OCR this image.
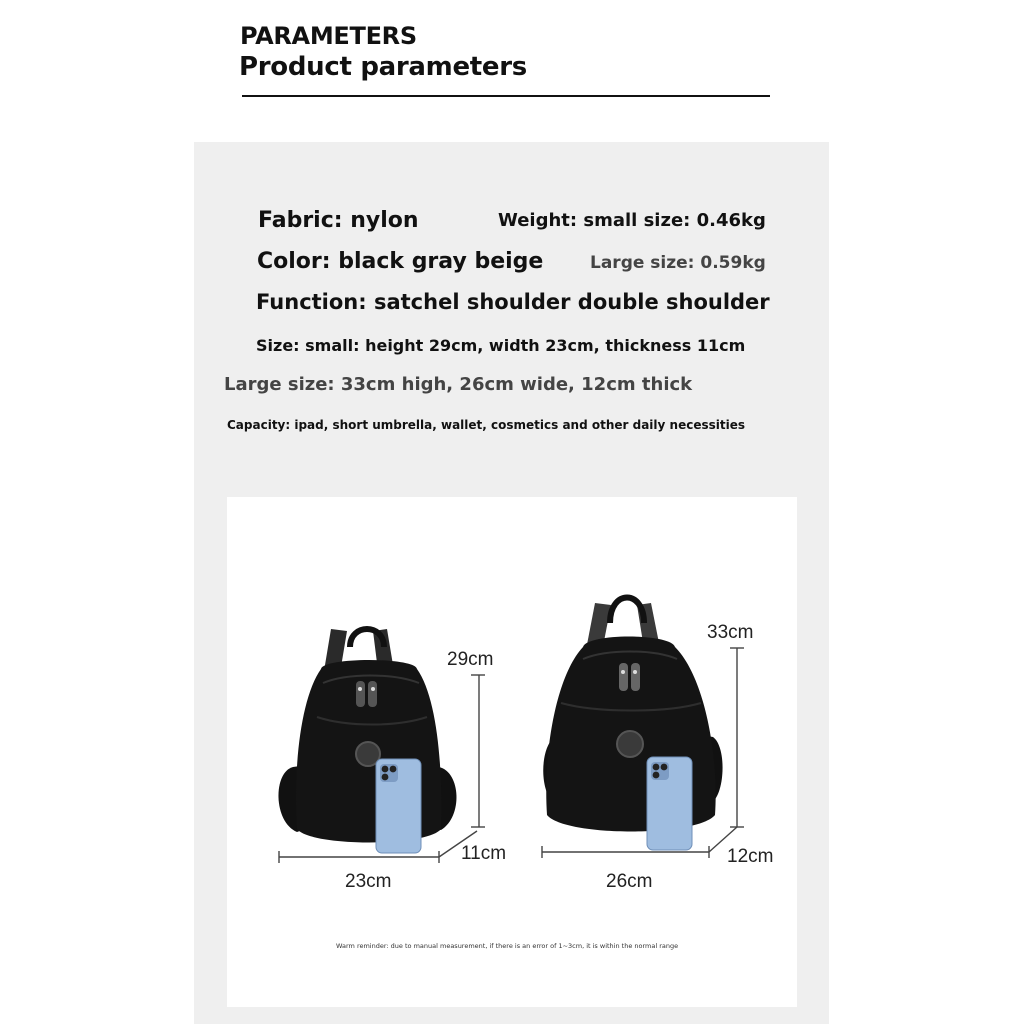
PARAMETERS
Product parameters
Fabric: nylon	Weight: small size: 0.46kg
Color: black gray beige	Large size: 0.59kg
Function: satchel shoulder double shoulder
Size: small: height 29cm, width 23cm, thickness 11cm
Large size: 33cm high, 26cm wide, 12cm thick
Capacity: ipad, short umbrella, wallet, cosmetics and other daily necessities
29cm
33cm
11cm	12cm
23cm	26cm
Warm reminder: due to manual measurement, if there is an error of 1~3cm, it is within the normal range
